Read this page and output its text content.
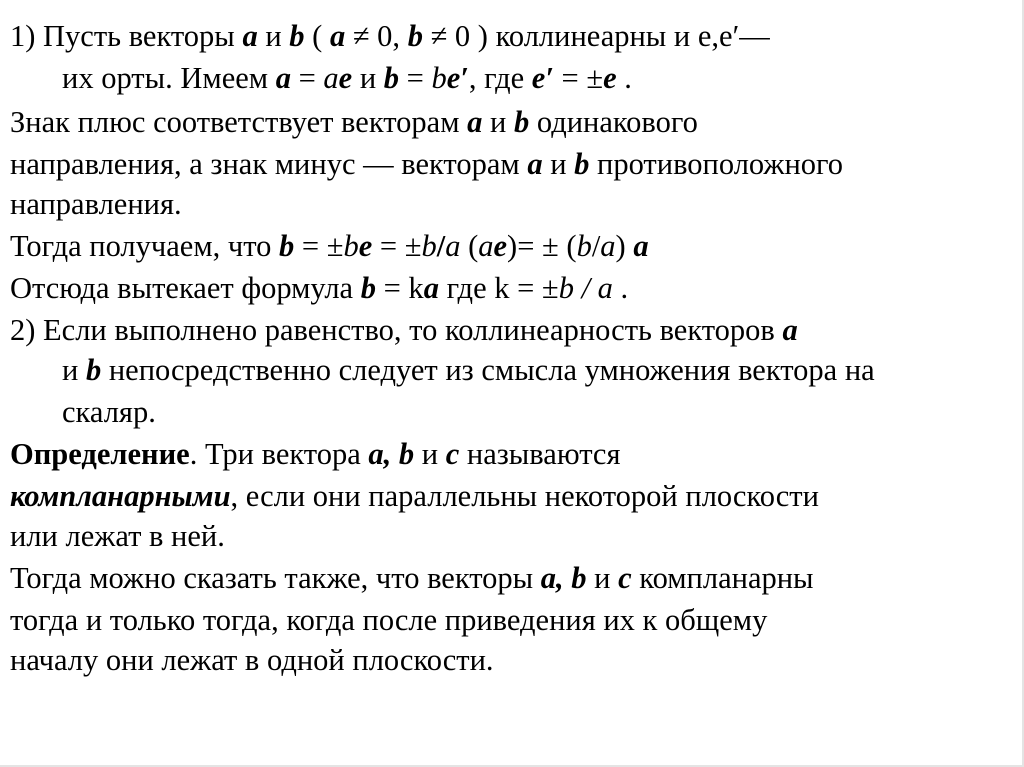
1) Пусть векторы a и b ( a ≠ 0, b ≠ 0 ) коллинеарны и e,e′—
их орты. Имеем a = ae и b = be′, где e′ = ±e .
Знак плюс соответствует векторам a и b одинакового
направления, а знак минус — векторам a и b противоположного
направления.
Тогда получаем, что b = ±be = ±b/a (ae)= ± (b/a) a
Отсюда вытекает формула b = ka где k = ±b / a .
2) Если выполнено равенство, то коллинеарность векторов a
и b непосредственно следует из смысла умножения вектора на
скаляр.
Определение. Три вектора a, b и c называются
компланарными, если они параллельны некоторой плоскости
или лежат в ней.
Тогда можно сказать также, что векторы a, b и c компланарны
тогда и только тогда, когда после приведения их к общему
началу они лежат в одной плоскости.
